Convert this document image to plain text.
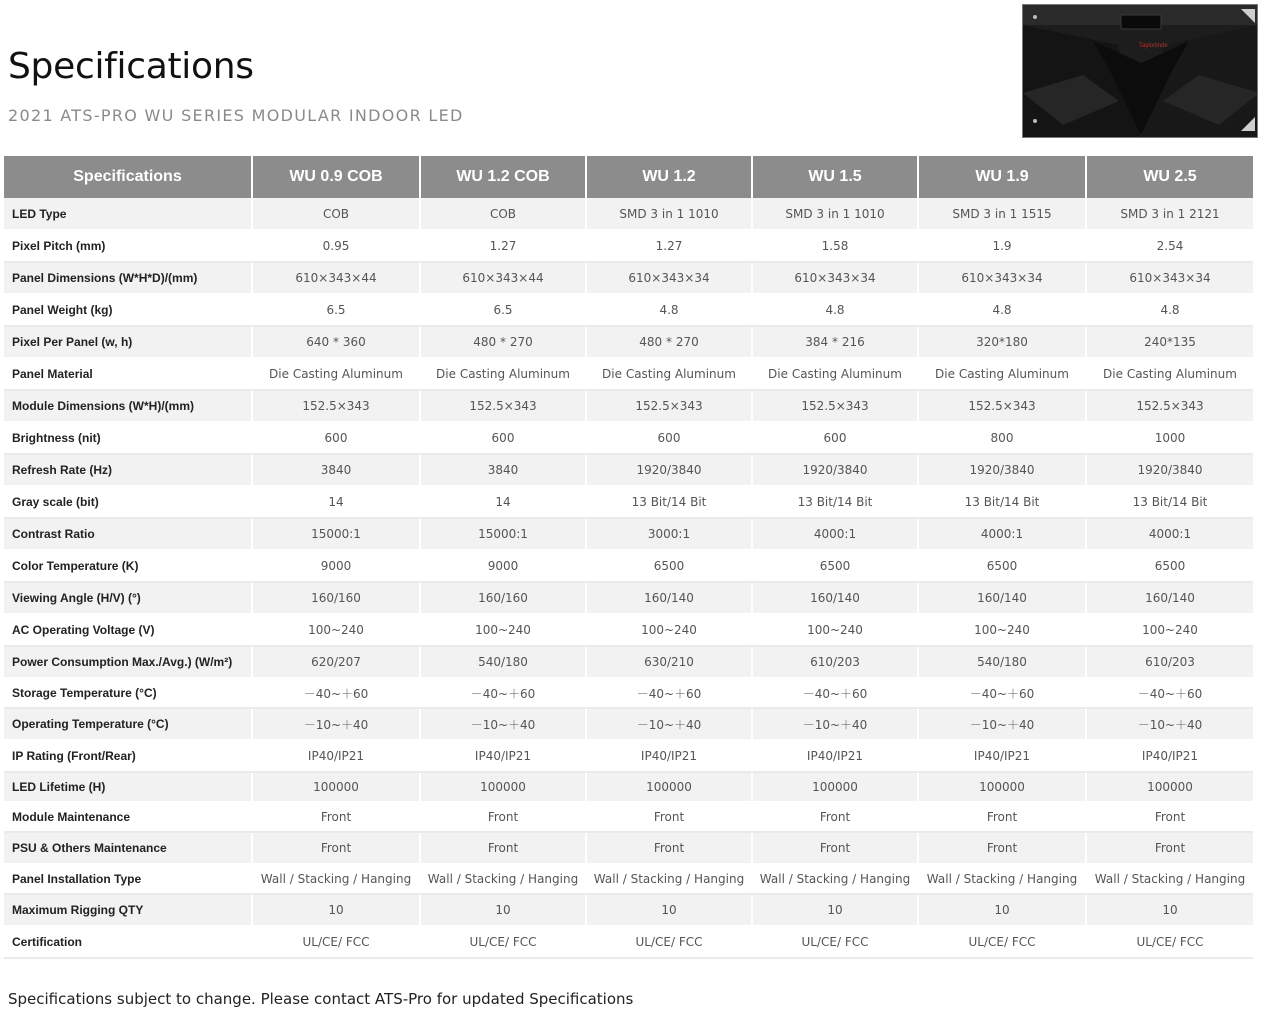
Specifications
2021 ATS-PRO WU SERIES MODULAR INDOOR LED
Taylorlinde
Specifications	WU 0.9 COB	WU 1.2 COB	WU 1.2	WU 1.5	WU 1.9	WU 2.5
LED Type	COB	COB	SMD 3 in 1 1010	SMD 3 in 1 1010	SMD 3 in 1 1515	SMD 3 in 1 2121
Pixel Pitch (mm)	0.95	1.27	1.27	1.58	1.9	2.54
Panel Dimensions (W*H*D)/(mm)	610×343×44	610×343×44	610×343×34	610×343×34	610×343×34	610×343×34
Panel Weight (kg)	6.5	6.5	4.8	4.8	4.8	4.8
Pixel Per Panel (w, h)	640 * 360	480 * 270	480 * 270	384 * 216	320*180	240*135
Panel Material	Die Casting Aluminum	Die Casting Aluminum	Die Casting Aluminum	Die Casting Aluminum	Die Casting Aluminum	Die Casting Aluminum
Module Dimensions (W*H)/(mm)	152.5×343	152.5×343	152.5×343	152.5×343	152.5×343	152.5×343
Brightness (nit)	600	600	600	600	800	1000
Refresh Rate (Hz)	3840	3840	1920/3840	1920/3840	1920/3840	1920/3840
Gray scale (bit)	14	14	13 Bit/14 Bit	13 Bit/14 Bit	13 Bit/14 Bit	13 Bit/14 Bit
Contrast Ratio	15000:1	15000:1	3000:1	4000:1	4000:1	4000:1
Color Temperature (K)	9000	9000	6500	6500	6500	6500
Viewing Angle (H/V) (°)	160/160	160/160	160/140	160/140	160/140	160/140
AC Operating Voltage (V)	100~240	100~240	100~240	100~240	100~240	100~240
Power Consumption Max./Avg.) (W/m²)	620/207	540/180	630/210	610/203	540/180	610/203
Storage Temperature (°C)	－40~＋60	－40~＋60	－40~＋60	－40~＋60	－40~＋60	－40~＋60
Operating Temperature (°C)	－10~＋40	－10~＋40	－10~＋40	－10~＋40	－10~＋40	－10~＋40
IP Rating (Front/Rear)	IP40/IP21	IP40/IP21	IP40/IP21	IP40/IP21	IP40/IP21	IP40/IP21
LED Lifetime (H)	100000	100000	100000	100000	100000	100000
Module Maintenance	Front	Front	Front	Front	Front	Front
PSU & Others Maintenance	Front	Front	Front	Front	Front	Front
Panel Installation Type	Wall / Stacking / Hanging	Wall / Stacking / Hanging	Wall / Stacking / Hanging	Wall / Stacking / Hanging	Wall / Stacking / Hanging	Wall / Stacking / Hanging
Maximum Rigging QTY	10	10	10	10	10	10
Certification	UL/CE/ FCC	UL/CE/ FCC	UL/CE/ FCC	UL/CE/ FCC	UL/CE/ FCC	UL/CE/ FCC
Specifications subject to change. Please contact ATS-Pro for updated Specifications
